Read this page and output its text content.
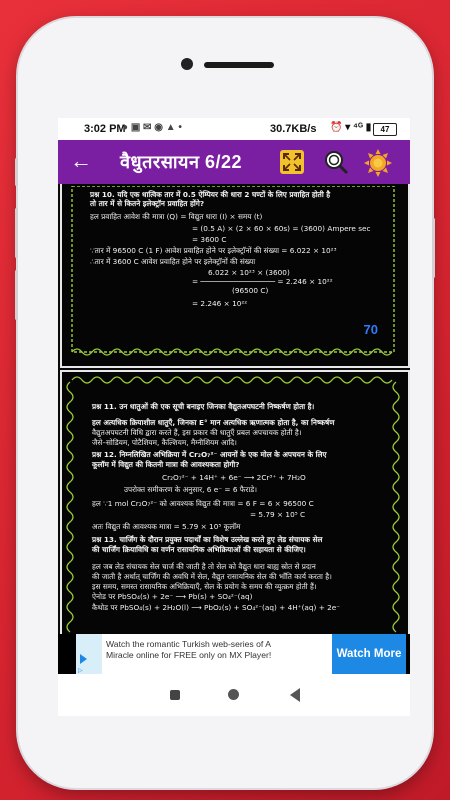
3:02 PM
◑ ▣ ✉ ◉ ▲ •	30.7KB/s ⏰ ▾ ⁴ᴳ ▮	47
← वैधुतरसायन 6/22
प्रश्न 10. यदि एक धात्विक तार में 0.5 ऐम्पियर की धारा 2 घण्टों के लिए प्रवाहित होती है
तो तार में से कितने इलेक्ट्रॉन प्रवाहित होंगे?
हल प्रवाहित आवेश की मात्रा (Q) = विद्युत धारा (I) × समय (t)
= (0.5 A) × (2 × 60 × 60s) = (3600) Ampere sec
= 3600 C
∵तार में 96500 C (1 F) आवेश प्रवाहित होने पर इलेक्ट्रॉनों की संख्या = 6.022 × 10²³
∴तार में 3600 C आवेश प्रवाहित होने पर इलेक्ट्रॉनों की संख्या
6.022 × 10²³ × (3600)
= ───────────────── = 2.246 × 10²²
(96500 C)
= 2.246 × 10²²
70
प्रश्न 11. उन धातुओं की एक सूची बनाइए जिनका वैद्युतअपघटनी निष्कर्षण होता है।
हल अत्यधिक क्रियाशील धातुएँ, जिनका E° मान अत्यधिक ऋणात्मक होता है, का निष्कर्षण
वैद्युतअपघटनी विधि द्वारा करते हैं, इस प्रकार की धातुएँ प्रबल अपचायक होती है।
जैसे–सोडियम, पोटैशियम, कैल्शियम, मैग्नीशियम आदि।
प्रश्न 12. निम्नलिखित अभिक्रिया में Cr₂O₇²⁻ आयनों के एक मोल के अपचयन के लिए
कूलॉम में विद्युत की कितनी मात्रा की आवश्यकता होगी?
Cr₂O₇²⁻ + 14H⁺ + 6e⁻ ⟶ 2Cr³⁺ + 7H₂O
उपरोक्त समीकरण के अनुसार, 6 e⁻ = 6 फैराडे।
हल ∵1 mol Cr₂O₇²⁻ को आवश्यक विद्युत की मात्रा = 6 F = 6 × 96500 C
= 5.79 × 10⁵ C
अतः विद्युत की आवश्यक मात्रा = 5.79 × 10⁵ कूलॉम
प्रश्न 13. चार्जिंग के दौरान प्रयुक्त पदार्थों का विशेष उल्लेख करते हुए लेड संचायक सेल
की चार्जिंग क्रियाविधि का वर्णन रासायनिक अभिक्रियाओं की सहायता से कीजिए।
हल जब लेड संचायक सेल चार्ज की जाती है तो सेल को वैद्युत धारा बाह्य स्रोत से प्रदान
की जाती है अर्थात् चार्जिंग की अवधि में सेल, वैद्युत रासायनिक सेल की भाँति कार्य करता है।
इस समय, समस्त रासायनिक अभिक्रियाएँ, सेल के प्रयोग के समय की व्युत्क्रम होती हैं।
ऐनोड पर PbSO₄(s) + 2e⁻ ⟶ Pb(s) + SO₄²⁻(aq)
कैथोड पर PbSO₄(s) + 2H₂O(l) ⟶ PbO₂(s) + SO₄²⁻(aq) + 4H⁺(aq) + 2e⁻
▷
Watch the romantic Turkish web-series of A Miracle online for FREE only on MX Player!	Watch More
